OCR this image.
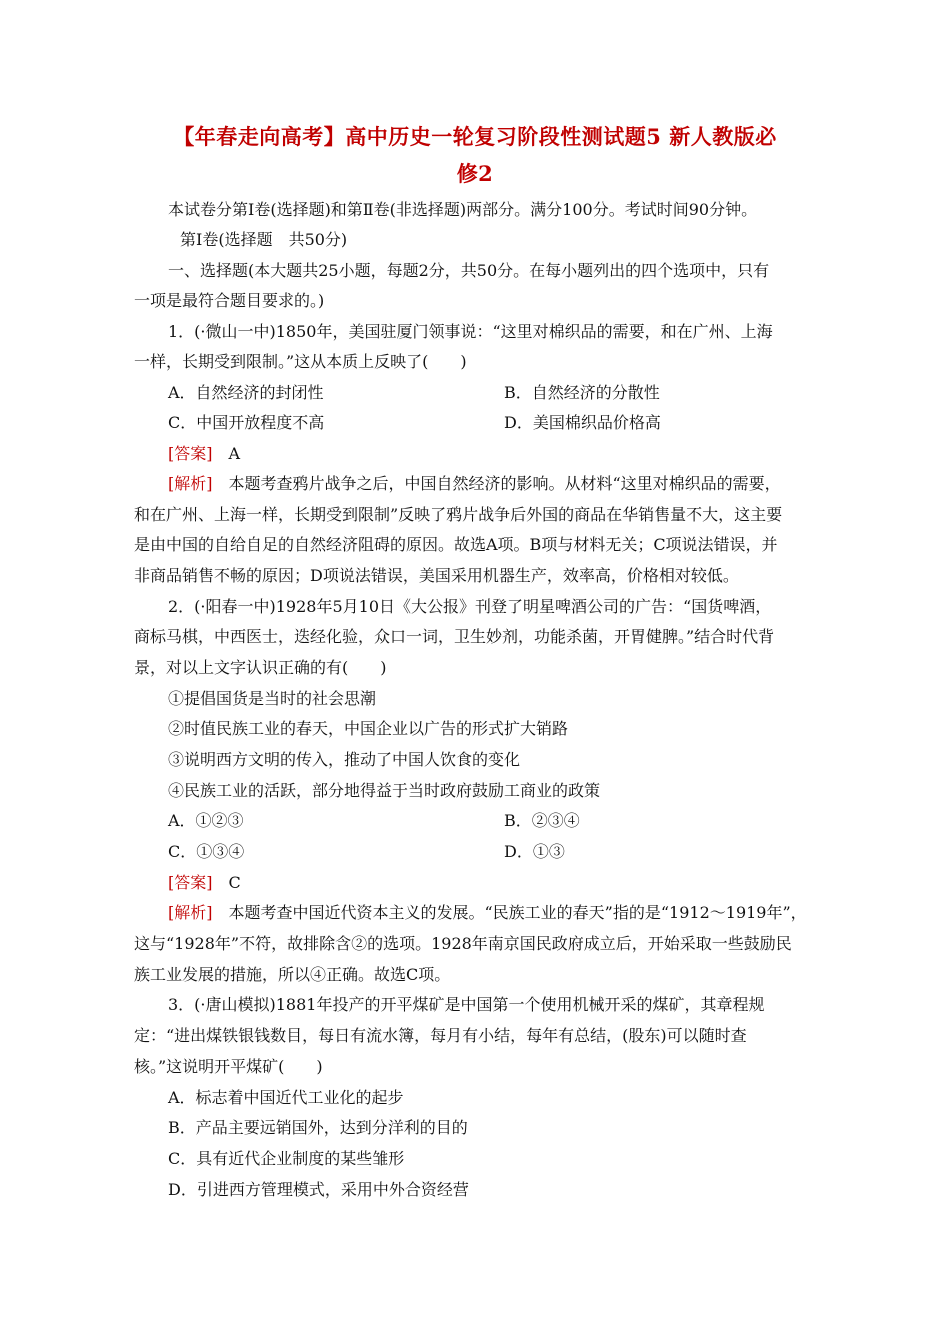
【年春走向高考】高中历史一轮复习阶段性测试题5 新人教版必
修2
本试卷分第Ⅰ卷(选择题)和第Ⅱ卷(非选择题)两部分。满分100分。考试时间90分钟。
第Ⅰ卷(选择题　共50分)
一、选择题(本大题共25小题，每题2分，共50分。在每小题列出的四个选项中，只有
一项是最符合题目要求的。)
1．(·微山一中)1850年，美国驻厦门领事说：“这里对棉织品的需要，和在广州、上海
一样，长期受到限制。”这从本质上反映了(　　)
A．自然经济的封闭性	B．自然经济的分散性
C．中国开放程度不高	D．美国棉织品价格高
[答案]　A
[解析]　本题考查鸦片战争之后，中国自然经济的影响。从材料“这里对棉织品的需要，
和在广州、上海一样，长期受到限制”反映了鸦片战争后外国的商品在华销售量不大，这主要
是由中国的自给自足的自然经济阻碍的原因。故选A项。B项与材料无关；C项说法错误，并
非商品销售不畅的原因；D项说法错误，美国采用机器生产，效率高，价格相对较低。
2．(·阳春一中)1928年5月10日《大公报》刊登了明星啤酒公司的广告：“国货啤酒，
商标马棋，中西医士，迭经化验，众口一词，卫生妙剂，功能杀菌，开胃健脾。”结合时代背
景，对以上文字认识正确的有(　　)
①提倡国货是当时的社会思潮
②时值民族工业的春天，中国企业以广告的形式扩大销路
③说明西方文明的传入，推动了中国人饮食的变化
④民族工业的活跃，部分地得益于当时政府鼓励工商业的政策
A．①②③	B．②③④
C．①③④	D．①③
[答案]　C
[解析]　本题考查中国近代资本主义的发展。“民族工业的春天”指的是“1912～1919年”，
这与“1928年”不符，故排除含②的选项。1928年南京国民政府成立后，开始采取一些鼓励民
族工业发展的措施，所以④正确。故选C项。
3．(·唐山模拟)1881年投产的开平煤矿是中国第一个使用机械开采的煤矿，其章程规
定：“进出煤铁银钱数目，每日有流水簿，每月有小结，每年有总结，(股东)可以随时查
核。”这说明开平煤矿(　　)
A．标志着中国近代工业化的起步
B．产品主要远销国外，达到分洋利的目的
C．具有近代企业制度的某些雏形
D．引进西方管理模式，采用中外合资经营
